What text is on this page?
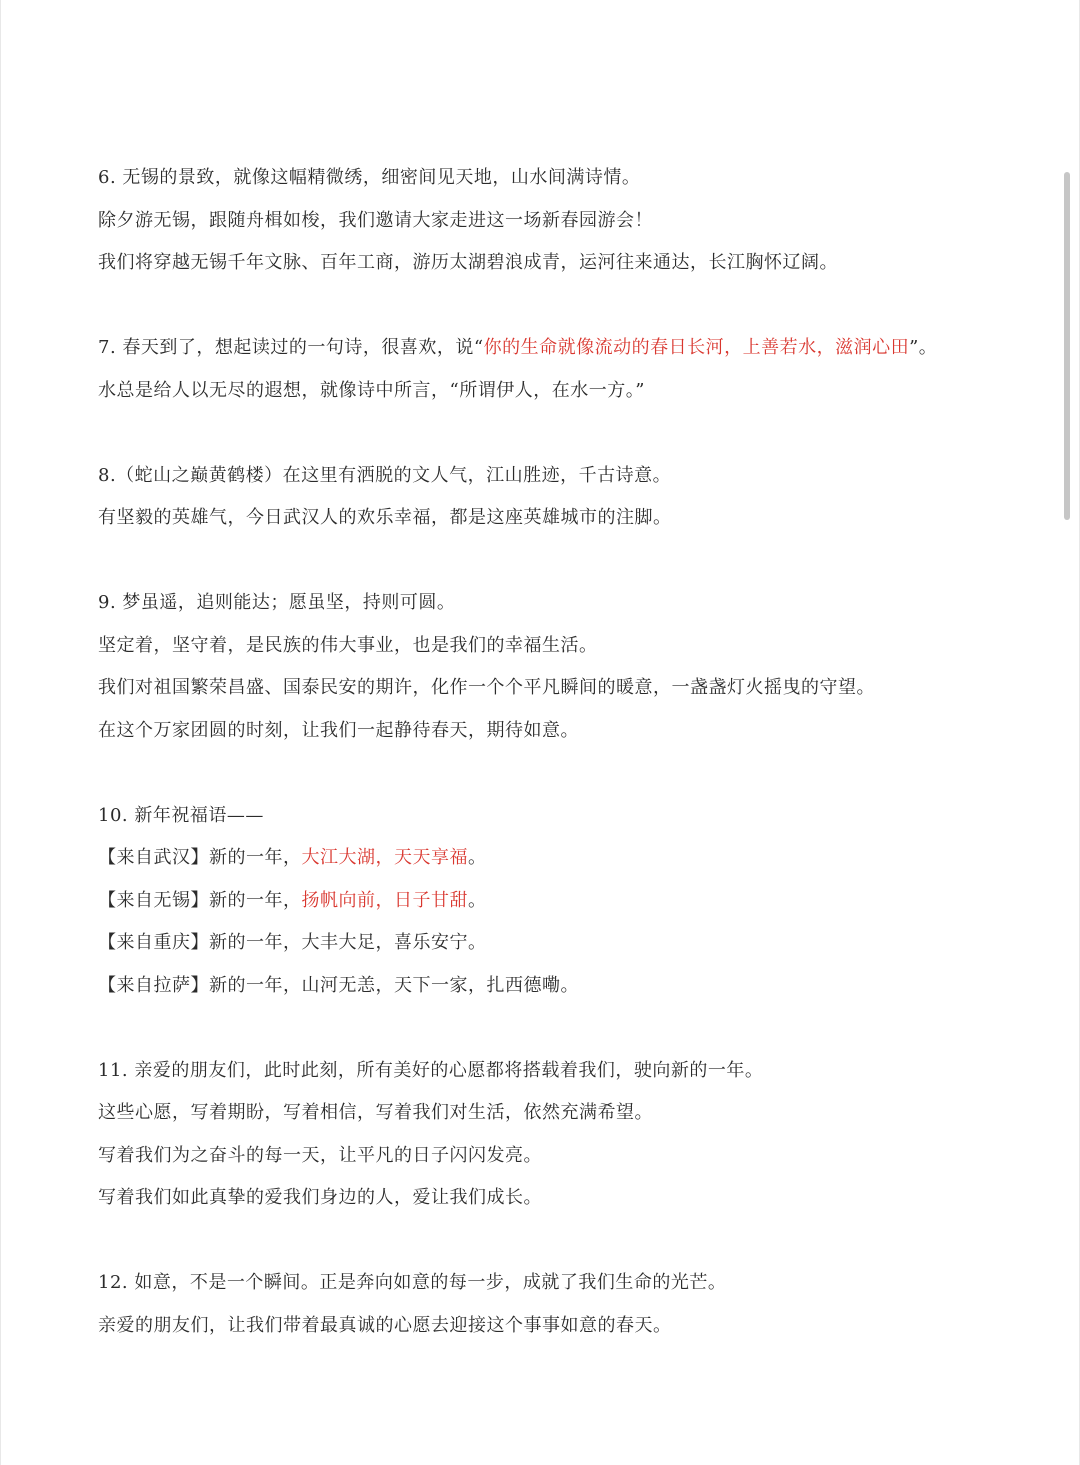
6. 无锡的景致，就像这幅精微绣，细密间见天地，山水间满诗情。
除夕游无锡，跟随舟楫如梭，我们邀请大家走进这一场新春园游会！
我们将穿越无锡千年文脉、百年工商，游历太湖碧浪成青，运河往来通达，长江胸怀辽阔。
7. 春天到了，想起读过的一句诗，很喜欢，说“你的生命就像流动的春日长河，上善若水，滋润心田”。
水总是给人以无尽的遐想，就像诗中所言，“所谓伊人，在水一方。”
8.（蛇山之巅黄鹤楼）在这里有洒脱的文人气，江山胜迹，千古诗意。
有坚毅的英雄气，今日武汉人的欢乐幸福，都是这座英雄城市的注脚。
9. 梦虽遥，追则能达；愿虽坚，持则可圆。
坚定着，坚守着，是民族的伟大事业，也是我们的幸福生活。
我们对祖国繁荣昌盛、国泰民安的期许，化作一个个平凡瞬间的暖意，一盏盏灯火摇曳的守望。
在这个万家团圆的时刻，让我们一起静待春天，期待如意。
10. 新年祝福语——
【来自武汉】新的一年，大江大湖，天天享福。
【来自无锡】新的一年，扬帆向前，日子甘甜。
【来自重庆】新的一年，大丰大足，喜乐安宁。
【来自拉萨】新的一年，山河无恙，天下一家，扎西德嘞。
11. 亲爱的朋友们，此时此刻，所有美好的心愿都将搭载着我们，驶向新的一年。
这些心愿，写着期盼，写着相信，写着我们对生活，依然充满希望。
写着我们为之奋斗的每一天，让平凡的日子闪闪发亮。
写着我们如此真挚的爱我们身边的人，爱让我们成长。
12. 如意，不是一个瞬间。正是奔向如意的每一步，成就了我们生命的光芒。
亲爱的朋友们，让我们带着最真诚的心愿去迎接这个事事如意的春天。
